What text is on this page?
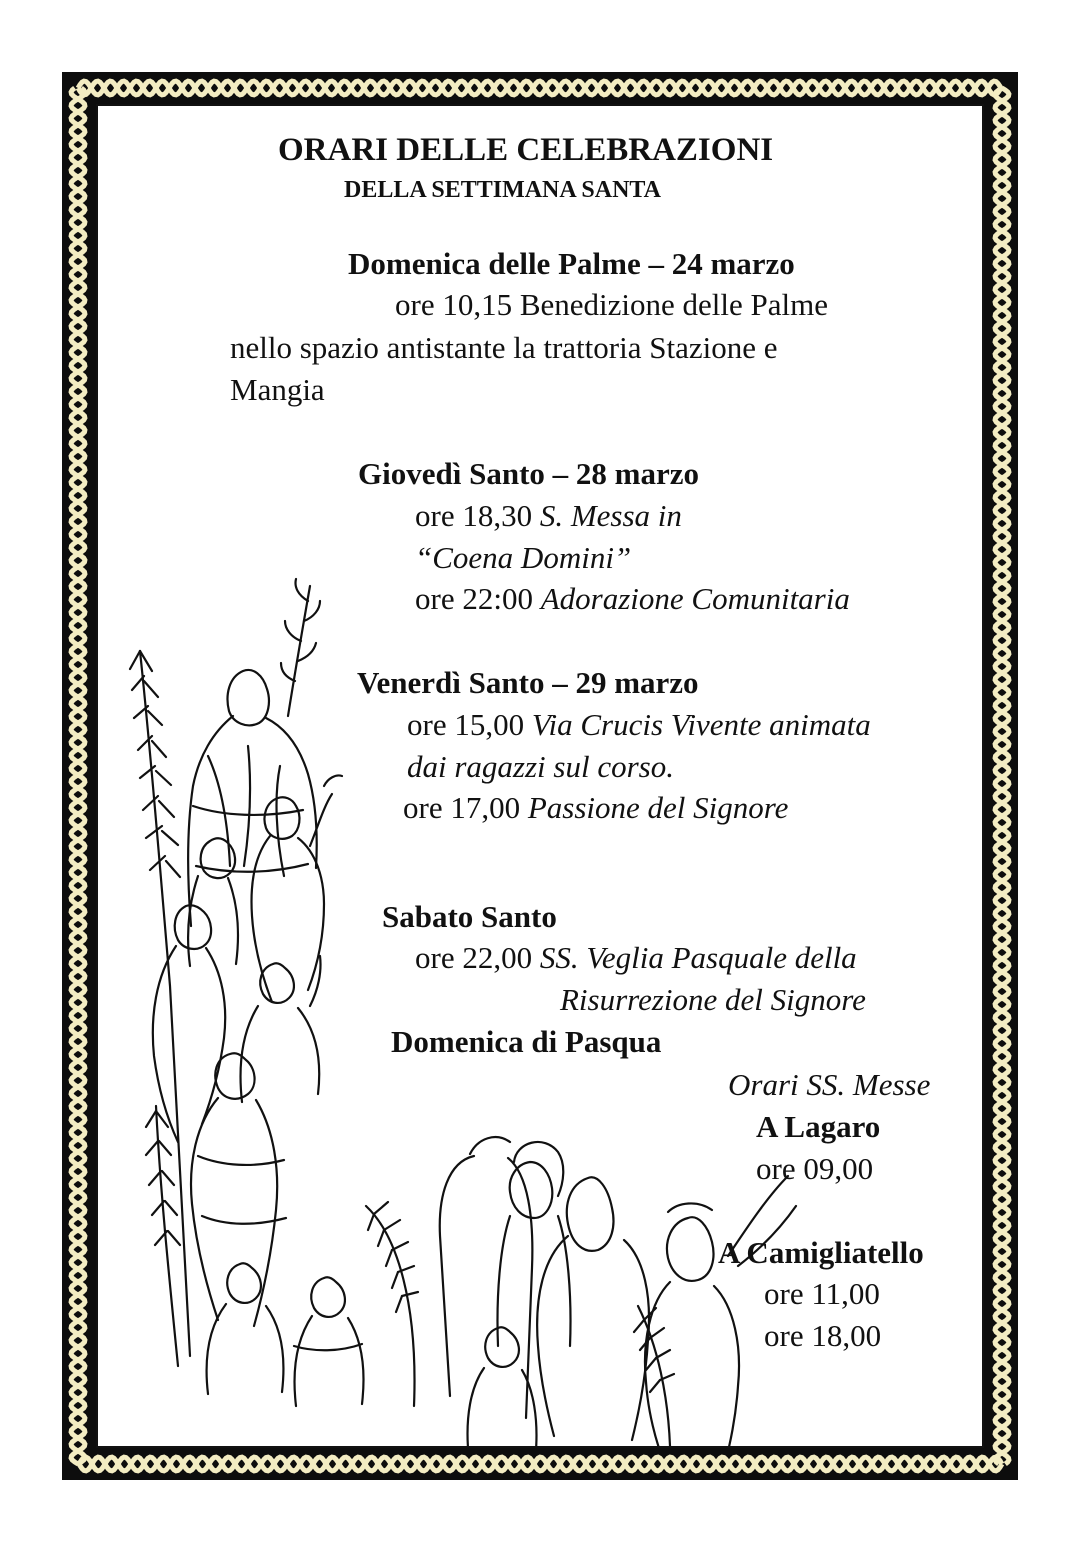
ORARI DELLE CELEBRAZIONI
DELLA SETTIMANA SANTA
Domenica delle Palme – 24 marzo
ore 10,15 Benedizione delle Palme
nello spazio antistante la trattoria Stazione e
Mangia
Giovedì Santo – 28 marzo
ore 18,30 S. Messa in
“Coena Domini”
ore 22:00 Adorazione Comunitaria
Venerdì Santo – 29 marzo
ore 15,00 Via Crucis Vivente animata
dai ragazzi sul corso.
ore 17,00 Passione del Signore
Sabato Santo
ore 22,00 SS. Veglia Pasquale della
Risurrezione del Signore
Domenica di Pasqua
Orari SS. Messe
A Lagaro
ore 09,00
A Camigliatello
ore 11,00
ore 18,00
